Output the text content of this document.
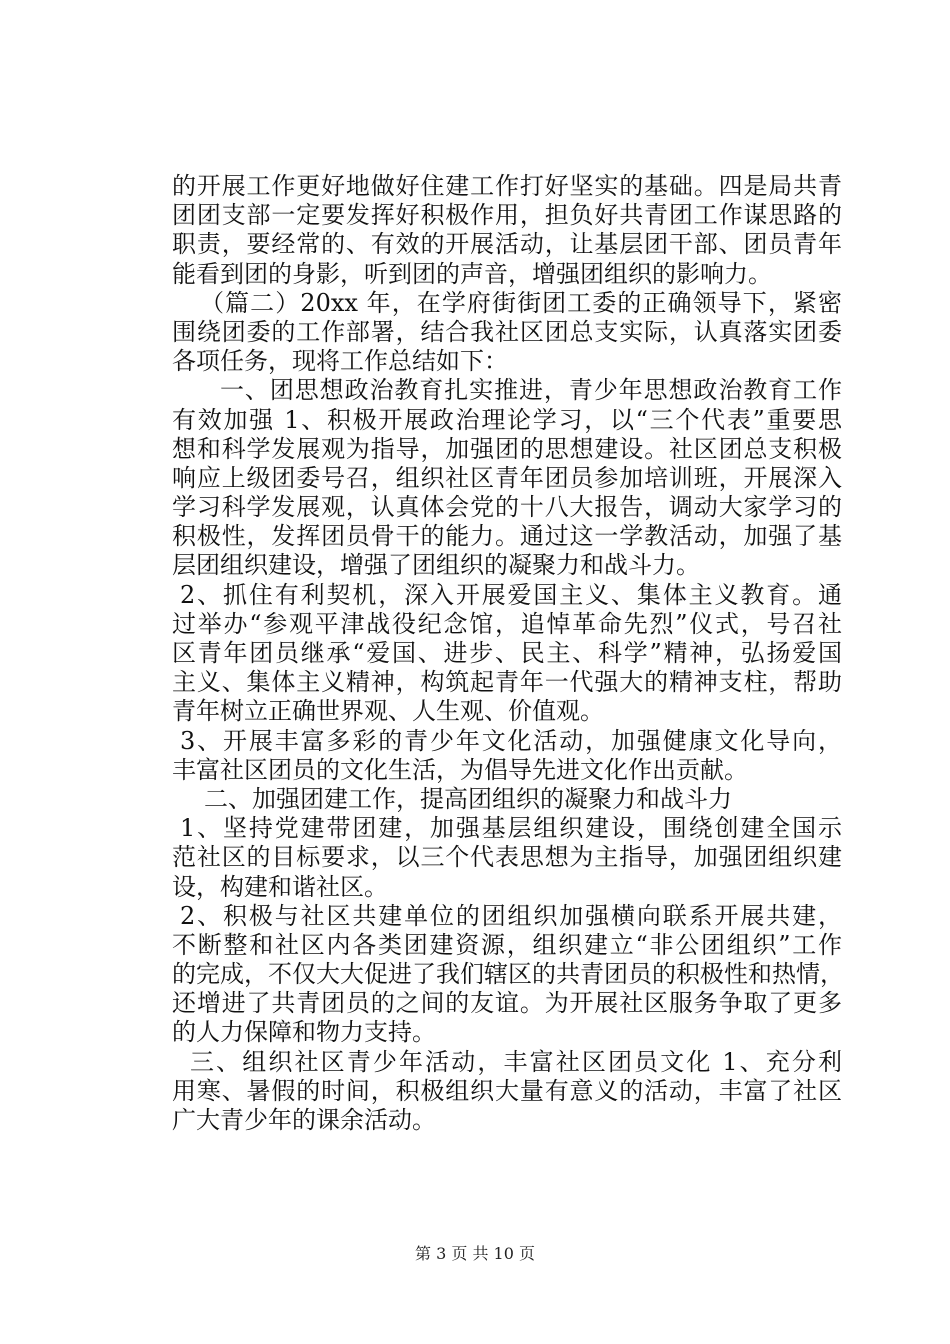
的开展工作更好地做好住建工作打好坚实的基础。四是局共青
团团支部一定要发挥好积极作用，担负好共青团工作谋思路的
职责，要经常的、有效的开展活动，让基层团干部、团员青年
能看到团的身影，听到团的声音，增强团组织的影响力。
（篇二）20xx 年，在学府街街团工委的正确领导下，紧密
围绕团委的工作部署，结合我社区团总支实际，认真落实团委
各项任务，现将工作总结如下：
一、团思想政治教育扎实推进，青少年思想政治教育工作
有效加强 1、积极开展政治理论学习，以“三个代表”重要思
想和科学发展观为指导，加强团的思想建设。社区团总支积极
响应上级团委号召，组织社区青年团员参加培训班，开展深入
学习科学发展观，认真体会党的十八大报告，调动大家学习的
积极性，发挥团员骨干的能力。通过这一学教活动，加强了基
层团组织建设，增强了团组织的凝聚力和战斗力。
2、抓住有利契机，深入开展爱国主义、集体主义教育。通
过举办“参观平津战役纪念馆，追悼革命先烈”仪式，号召社
区青年团员继承“爱国、进步、民主、科学”精神，弘扬爱国
主义、集体主义精神，构筑起青年一代强大的精神支柱，帮助
青年树立正确世界观、人生观、价值观。
3、开展丰富多彩的青少年文化活动，加强健康文化导向，
丰富社区团员的文化生活，为倡导先进文化作出贡献。
二、加强团建工作，提高团组织的凝聚力和战斗力
1、坚持党建带团建，加强基层组织建设，围绕创建全国示
范社区的目标要求，以三个代表思想为主指导，加强团组织建
设，构建和谐社区。
2、积极与社区共建单位的团组织加强横向联系开展共建，
不断整和社区内各类团建资源，组织建立“非公团组织”工作
的完成，不仅大大促进了我们辖区的共青团员的积极性和热情，
还增进了共青团员的之间的友谊。为开展社区服务争取了更多
的人力保障和物力支持。
三、组织社区青少年活动，丰富社区团员文化 1、充分利
用寒、暑假的时间，积极组织大量有意义的活动，丰富了社区
广大青少年的课余活动。
第 3 页 共 10 页
